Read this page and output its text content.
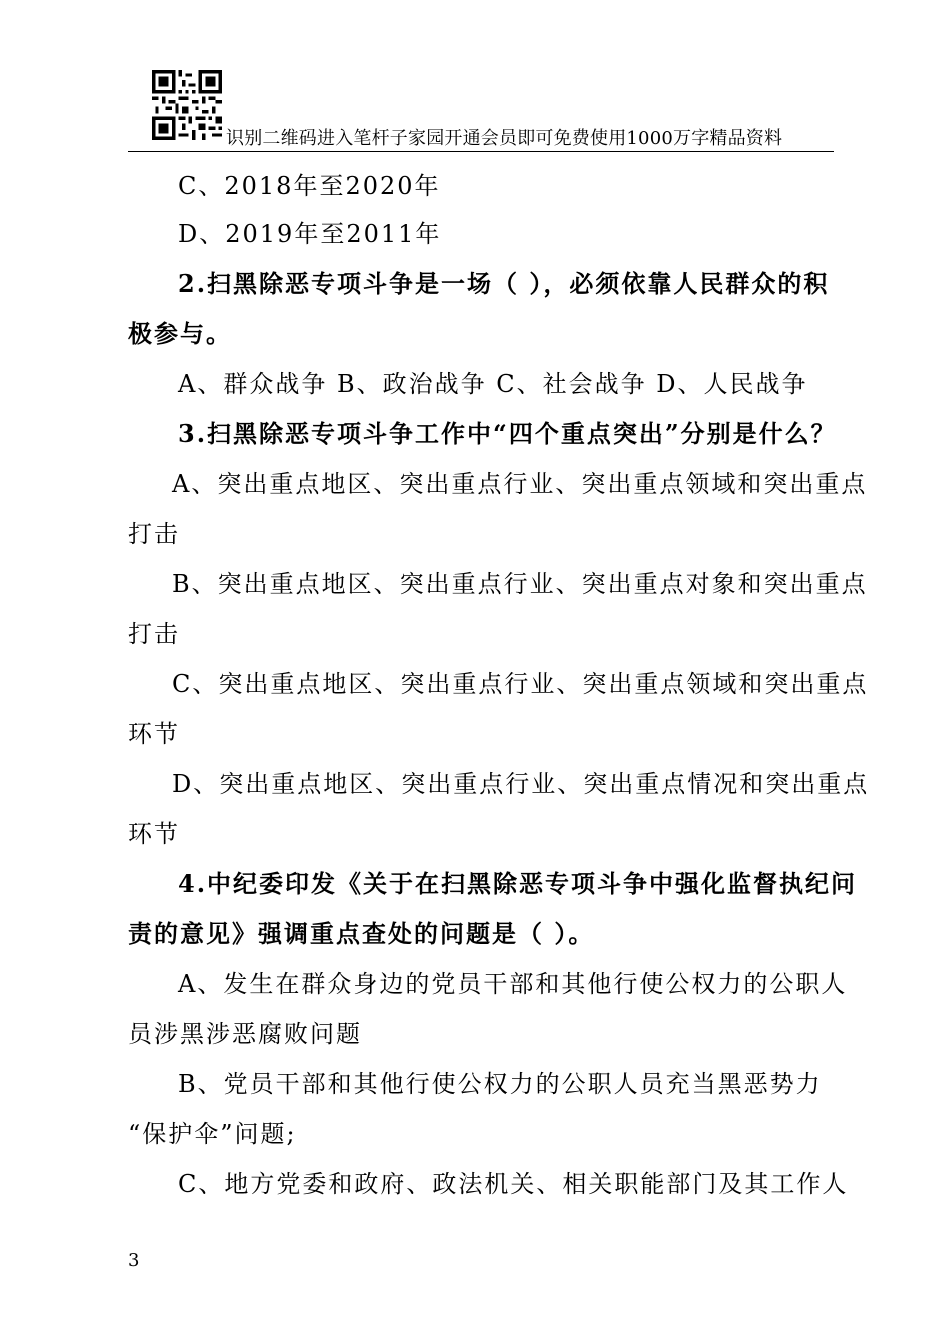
识别二维码进入笔杆子家园开通会员即可免费使用1000万字精品资料
C、2018年至2020年
D、2019年至2011年
2.扫黑除恶专项斗争是一场（ ），必须依靠人民群众的积
极参与。
A、群众战争 B、政治战争 C、社会战争 D、人民战争
3.扫黑除恶专项斗争工作中“四个重点突出”分别是什么？
A、突出重点地区、突出重点行业、突出重点领域和突出重点
打击
B、突出重点地区、突出重点行业、突出重点对象和突出重点
打击
C、突出重点地区、突出重点行业、突出重点领域和突出重点
环节
D、突出重点地区、突出重点行业、突出重点情况和突出重点
环节
4.中纪委印发《关于在扫黑除恶专项斗争中强化监督执纪问
责的意见》强调重点查处的问题是（ ）。
A、发生在群众身边的党员干部和其他行使公权力的公职人
员涉黑涉恶腐败问题
B、党员干部和其他行使公权力的公职人员充当黑恶势力
“保护伞”问题;
C、地方党委和政府、政法机关、相关职能部门及其工作人
3
